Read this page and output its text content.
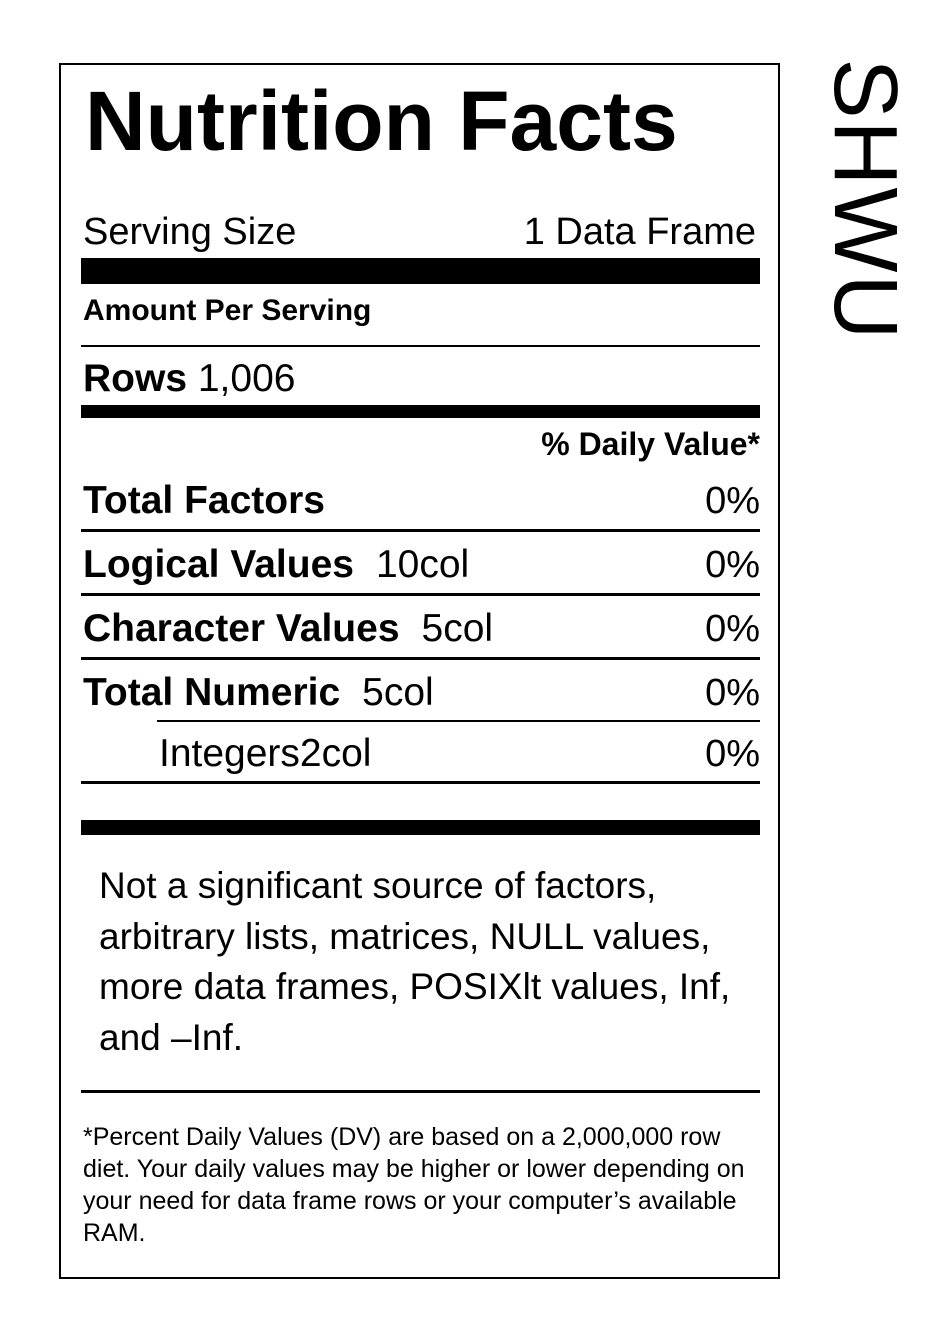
Nutrition Facts
Serving Size	1 Data Frame
Amount Per Serving
Rows 1,006
% Daily Value*
Total Factors	0%
Logical Values 10col	0%
Character Values 5col	0%
Total Numeric 5col	0%
Integers2col	0%
Not a significant source of factors, arbitrary lists, matrices, NULL values, more data frames, POSIXlt values, Inf, and –Inf.
*Percent Daily Values (DV) are based on a 2,000,000 row diet. Your daily values may be higher or lower depending on your need for data frame rows or your computer’s available RAM.
SHWU
